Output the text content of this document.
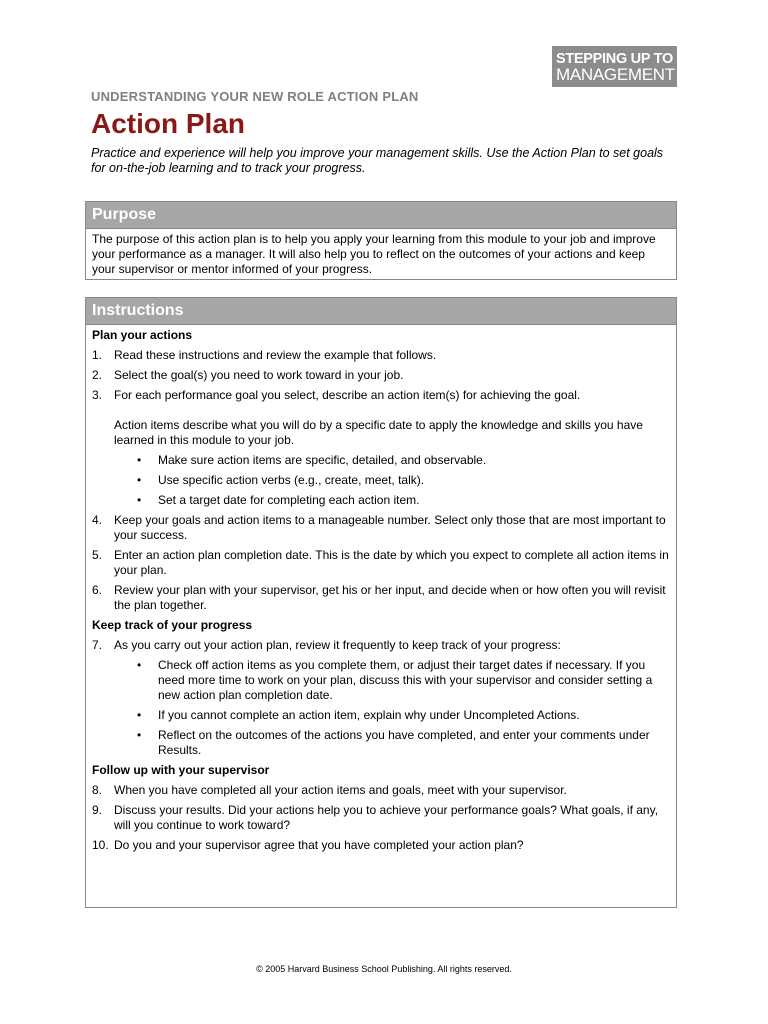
STEPPING UP TO
MANAGEMENT
UNDERSTANDING YOUR NEW ROLE ACTION PLAN
Action Plan

Practice and experience will help you improve your management skills. Use the Action Plan to set goals for on-the-job learning and to track your progress.

Purpose

The purpose of this action plan is to help you apply your learning from this module to your job and improve your performance as a manager. It will also help you to reflect on the outcomes of your actions and keep your supervisor or mentor informed of your progress.

Instructions
Plan your actions
1. Read these instructions and review the example that follows.
2. Select the goal(s) you need to work toward in your job.
3. For each performance goal you select, describe an action item(s) for achieving the goal.
Action items describe what you will do by a specific date to apply the knowledge and skills you have learned in this module to your job.
• Make sure action items are specific, detailed, and observable.
• Use specific action verbs (e.g., create, meet, talk).
• Set a target date for completing each action item.
4. Keep your goals and action items to a manageable number. Select only those that are most important to your success.
5. Enter an action plan completion date. This is the date by which you expect to complete all action items in your plan.
6. Review your plan with your supervisor, get his or her input, and decide when or how often you will revisit the plan together.
Keep track of your progress
7. As you carry out your action plan, review it frequently to keep track of your progress:
• Check off action items as you complete them, or adjust their target dates if necessary. If you need more time to work on your plan, discuss this with your supervisor and consider setting a new action plan completion date.
• If you cannot complete an action item, explain why under Uncompleted Actions.
• Reflect on the outcomes of the actions you have completed, and enter your comments under Results.
Follow up with your supervisor
8. When you have completed all your action items and goals, meet with your supervisor.
9. Discuss your results. Did your actions help you to achieve your performance goals? What goals, if any, will you continue to work toward?
10. Do you and your supervisor agree that you have completed your action plan?
© 2005 Harvard Business School Publishing. All rights reserved.
